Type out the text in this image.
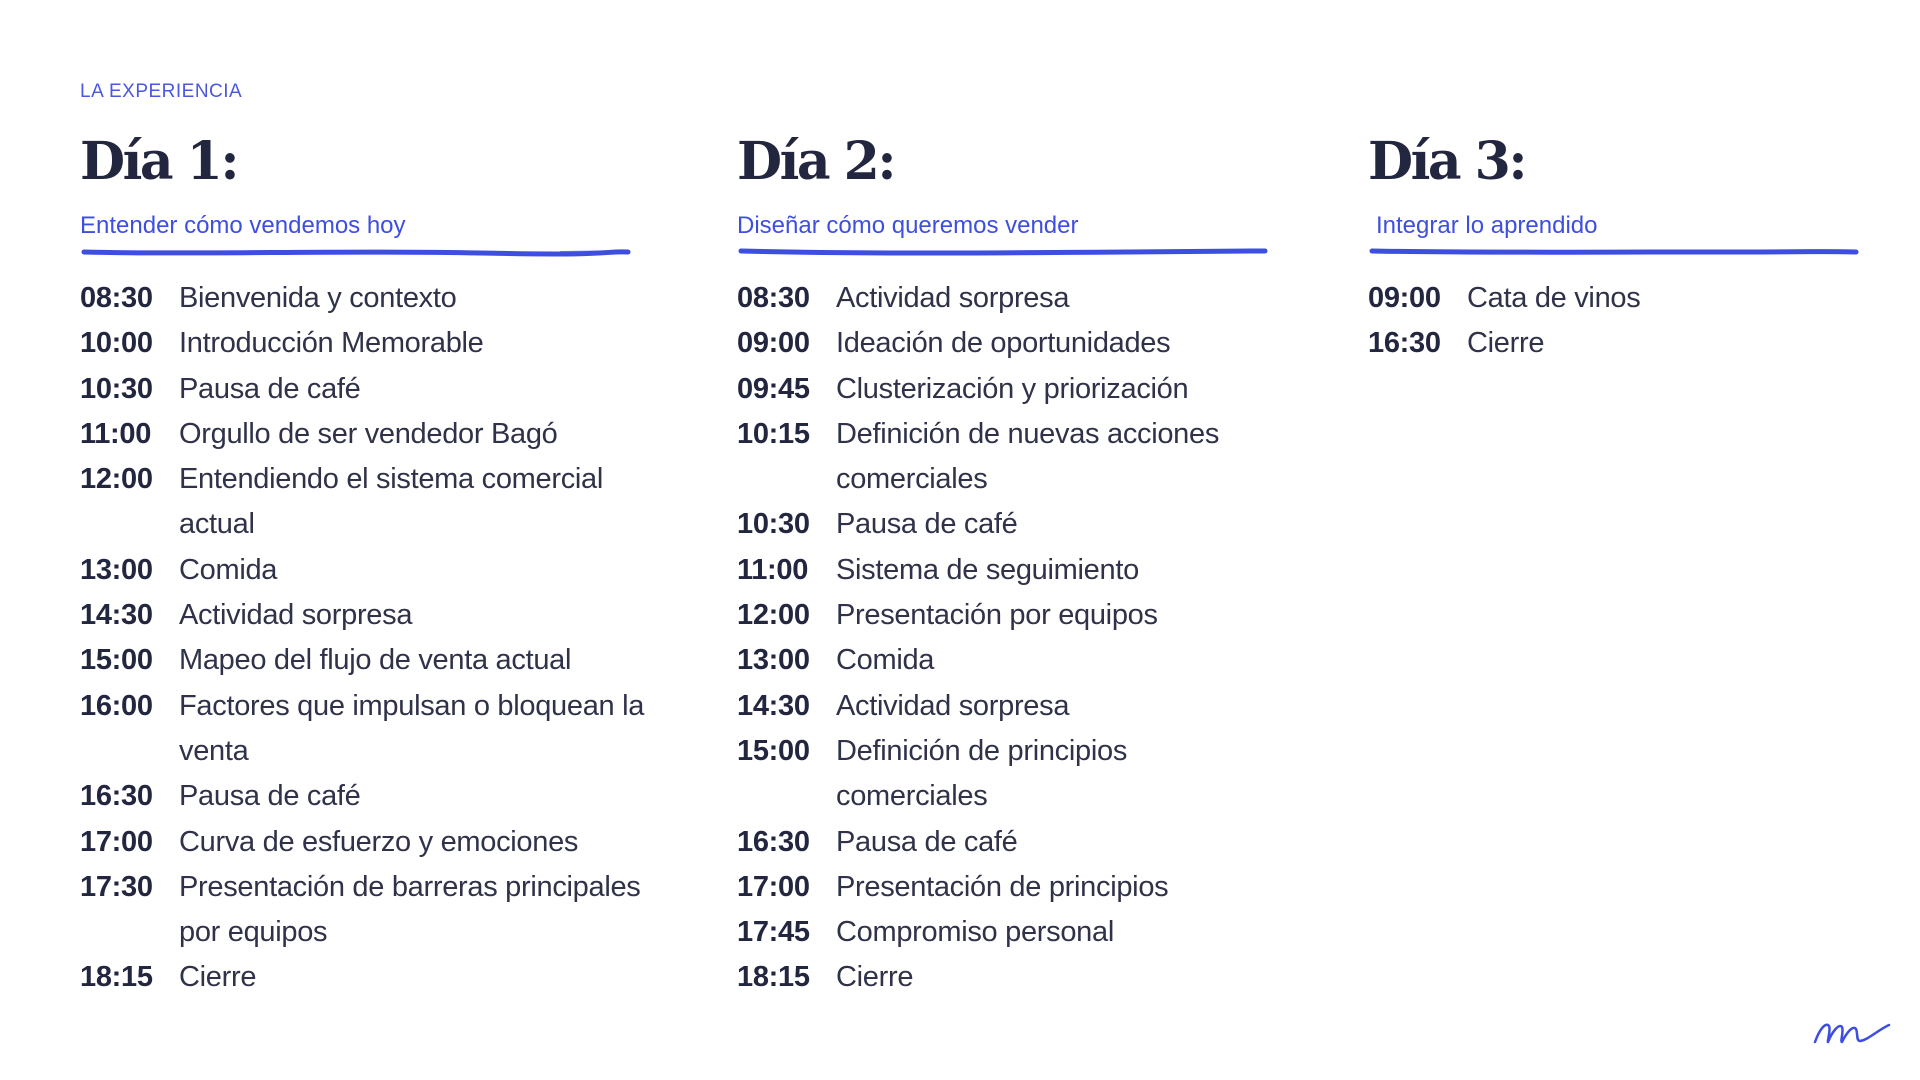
LA EXPERIENCIA
Día 1:
Entender cómo vendemos hoy
08:30 Bienvenida y contexto
10:00 Introducción Memorable
10:30 Pausa de café
11:00 Orgullo de ser vendedor Bagó
12:00 Entendiendo el sistema comercial actual
13:00 Comida
14:30 Actividad sorpresa
15:00 Mapeo del flujo de venta actual
16:00 Factores que impulsan o bloquean la venta
16:30 Pausa de café
17:00 Curva de esfuerzo y emociones
17:30 Presentación de barreras principales por equipos
18:15 Cierre
Día 2:
Diseñar cómo queremos vender
08:30 Actividad sorpresa
09:00 Ideación de oportunidades
09:45 Clusterización y priorización
10:15 Definición de nuevas acciones comerciales
10:30 Pausa de café
11:00 Sistema de seguimiento
12:00 Presentación por equipos
13:00 Comida
14:30 Actividad sorpresa
15:00 Definición de principios comerciales
16:30 Pausa de café
17:00 Presentación de principios
17:45 Compromiso personal
18:15 Cierre
Día 3:
Integrar lo aprendido
09:00 Cata de vinos
16:30 Cierre
